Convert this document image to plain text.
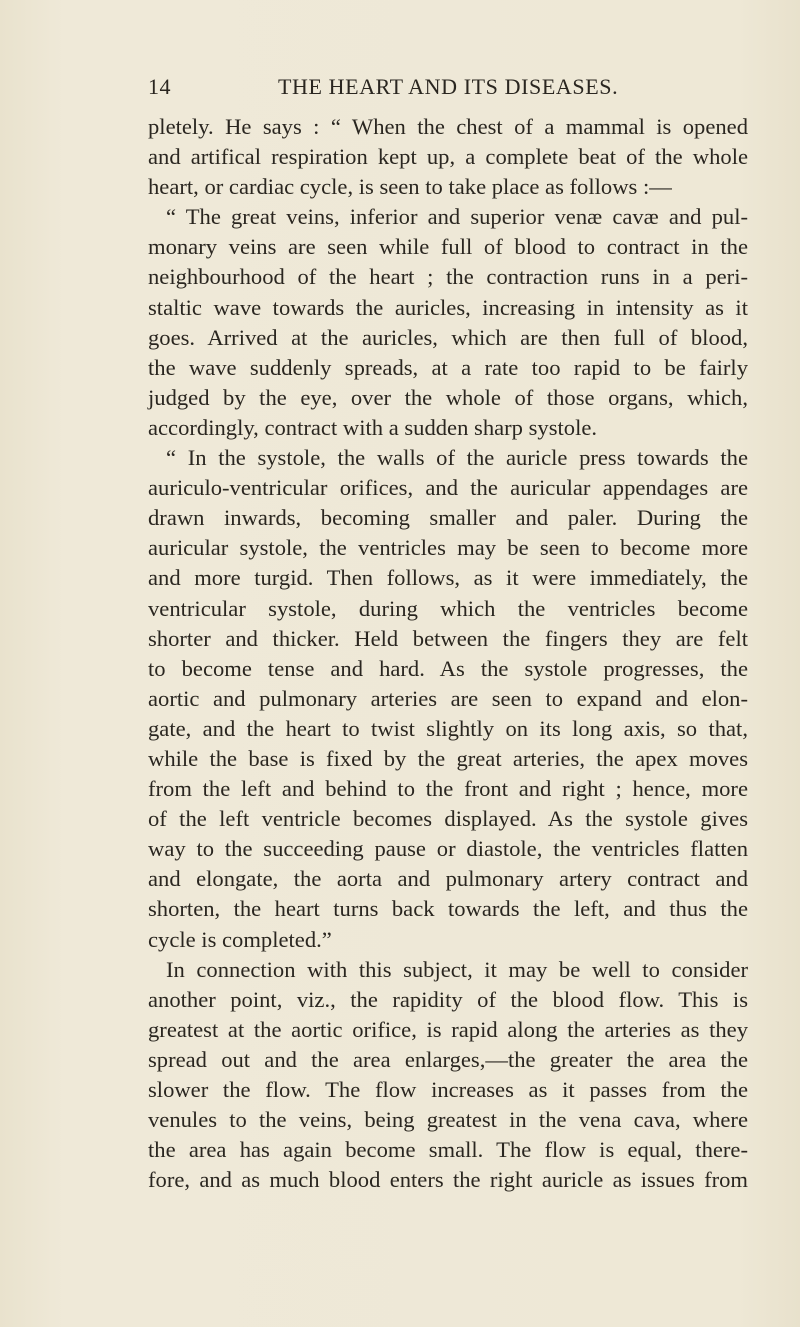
14	THE HEART AND ITS DISEASES.
pletely. He says : “ When the chest of a mammal is opened
and artifical respiration kept up, a complete beat of the whole
heart, or cardiac cycle, is seen to take place as follows :—
“ The great veins, inferior and superior venæ cavæ and pul-
monary veins are seen while full of blood to contract in the
neighbourhood of the heart ; the contraction runs in a peri-
staltic wave towards the auricles, increasing in intensity as it
goes. Arrived at the auricles, which are then full of blood,
the wave suddenly spreads, at a rate too rapid to be fairly
judged by the eye, over the whole of those organs, which,
accordingly, contract with a sudden sharp systole.
“ In the systole, the walls of the auricle press towards the
auriculo-ventricular orifices, and the auricular appendages are
drawn inwards, becoming smaller and paler. During the
auricular systole, the ventricles may be seen to become more
and more turgid. Then follows, as it were immediately, the
ventricular systole, during which the ventricles become
shorter and thicker. Held between the fingers they are felt
to become tense and hard. As the systole progresses, the
aortic and pulmonary arteries are seen to expand and elon-
gate, and the heart to twist slightly on its long axis, so that,
while the base is fixed by the great arteries, the apex moves
from the left and behind to the front and right ; hence, more
of the left ventricle becomes displayed. As the systole gives
way to the succeeding pause or diastole, the ventricles flatten
and elongate, the aorta and pulmonary artery contract and
shorten, the heart turns back towards the left, and thus the
cycle is completed.”
In connection with this subject, it may be well to consider
another point, viz., the rapidity of the blood flow. This is
greatest at the aortic orifice, is rapid along the arteries as they
spread out and the area enlarges,—the greater the area the
slower the flow. The flow increases as it passes from the
venules to the veins, being greatest in the vena cava, where
the area has again become small. The flow is equal, there-
fore, and as much blood enters the right auricle as issues from
